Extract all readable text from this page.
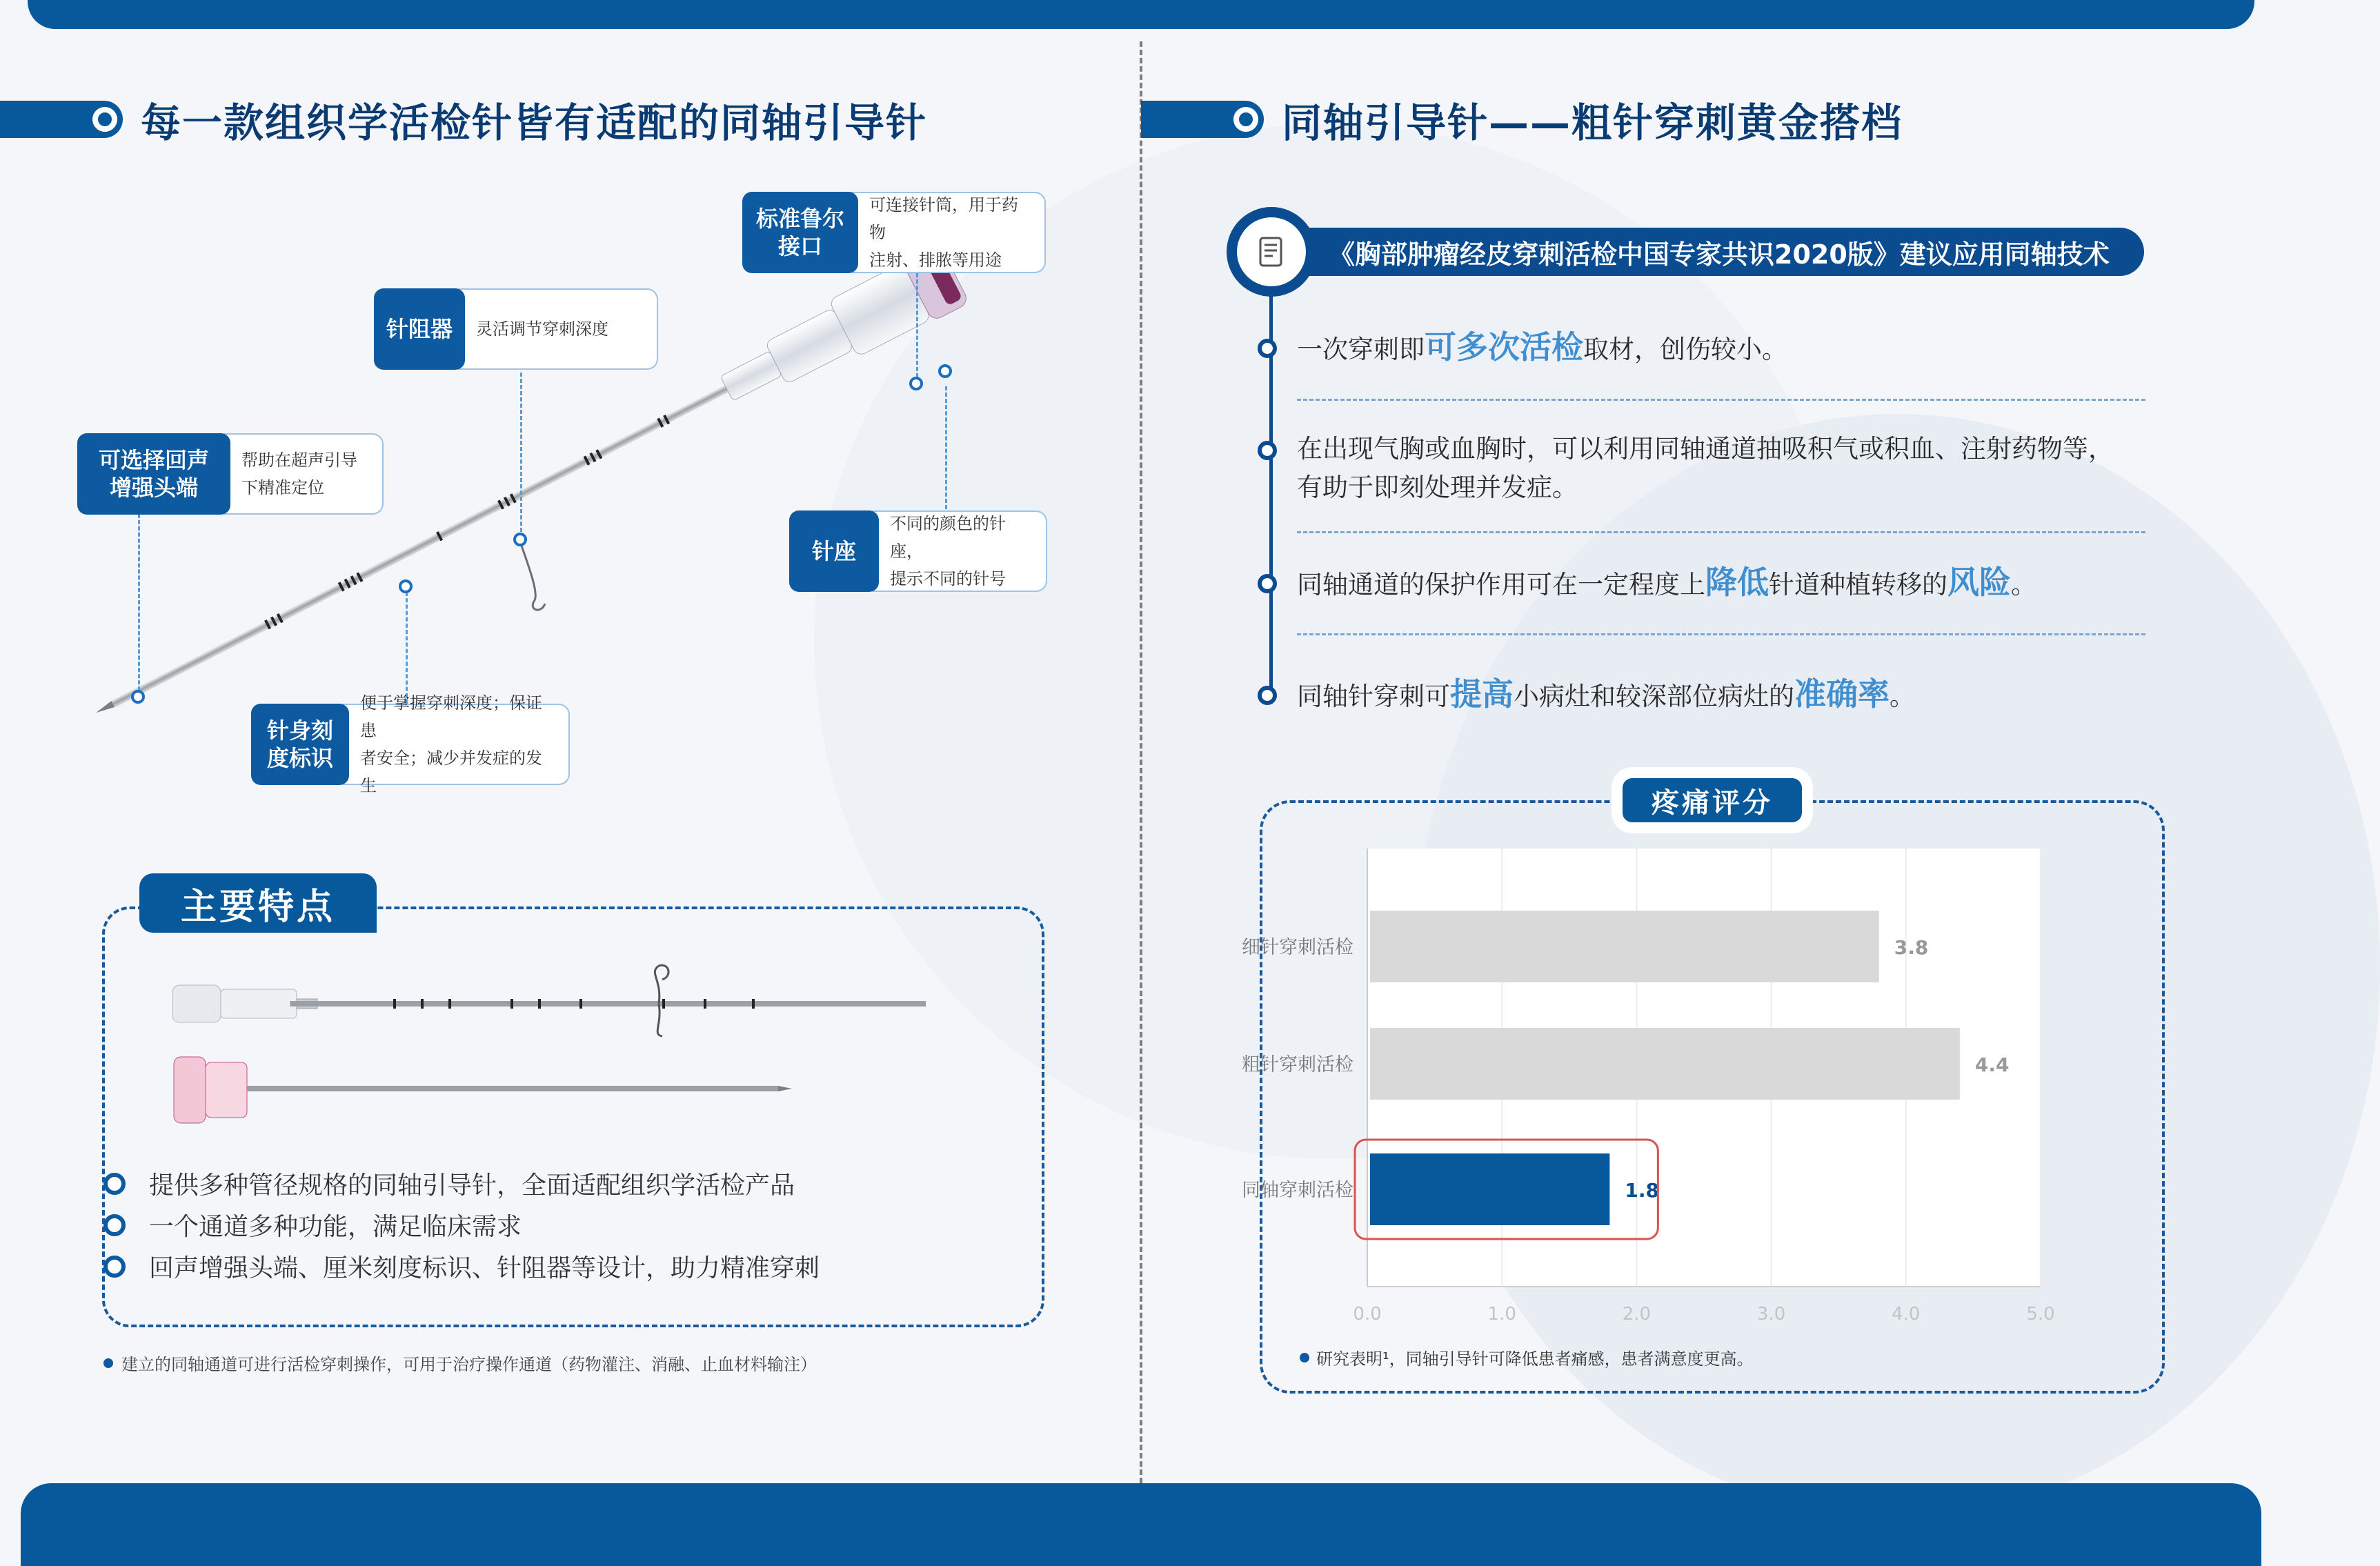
每一款组织学活检针皆有适配的同轴引导针
标准鲁尔
接口
可连接针筒，用于药物
注射、排脓等用途
针阻器 灵活调节穿刺深度
可选择回声
增强头端
帮助在超声引导
下精准定位
针座
不同的颜色的针座，
提示不同的针号
针身刻
度标识
便于掌握穿刺深度；保证患
者安全；减少并发症的发生
主要特点
提供多种管径规格的同轴引导针，全面适配组织学活检产品
一个通道多种功能，满足临床需求
回声增强头端、厘米刻度标识、针阻器等设计，助力精准穿刺
建立的同轴通道可进行活检穿刺操作，可用于治疗操作通道（药物灌注、消融、止血材料输注）
同轴引导针——粗针穿刺黄金搭档
《胸部肿瘤经皮穿刺活检中国专家共识2020版》建议应用同轴技术
一次穿刺即可多次活检取材，创伤较小。
在出现气胸或血胸时，可以利用同轴通道抽吸积气或积血、注射药物等，
有助于即刻处理并发症。
同轴通道的保护作用可在一定程度上降低针道种植转移的风险。
同轴针穿刺可提高小病灶和较深部位病灶的准确率。
疼痛评分
0.0	1.0	2.0	3.0	4.0	5.0
细针穿刺活检	3.8
粗针穿刺活检	4.4
同轴穿刺活检	1.8
研究表明¹，同轴引导针可降低患者痛感，患者满意度更高。
